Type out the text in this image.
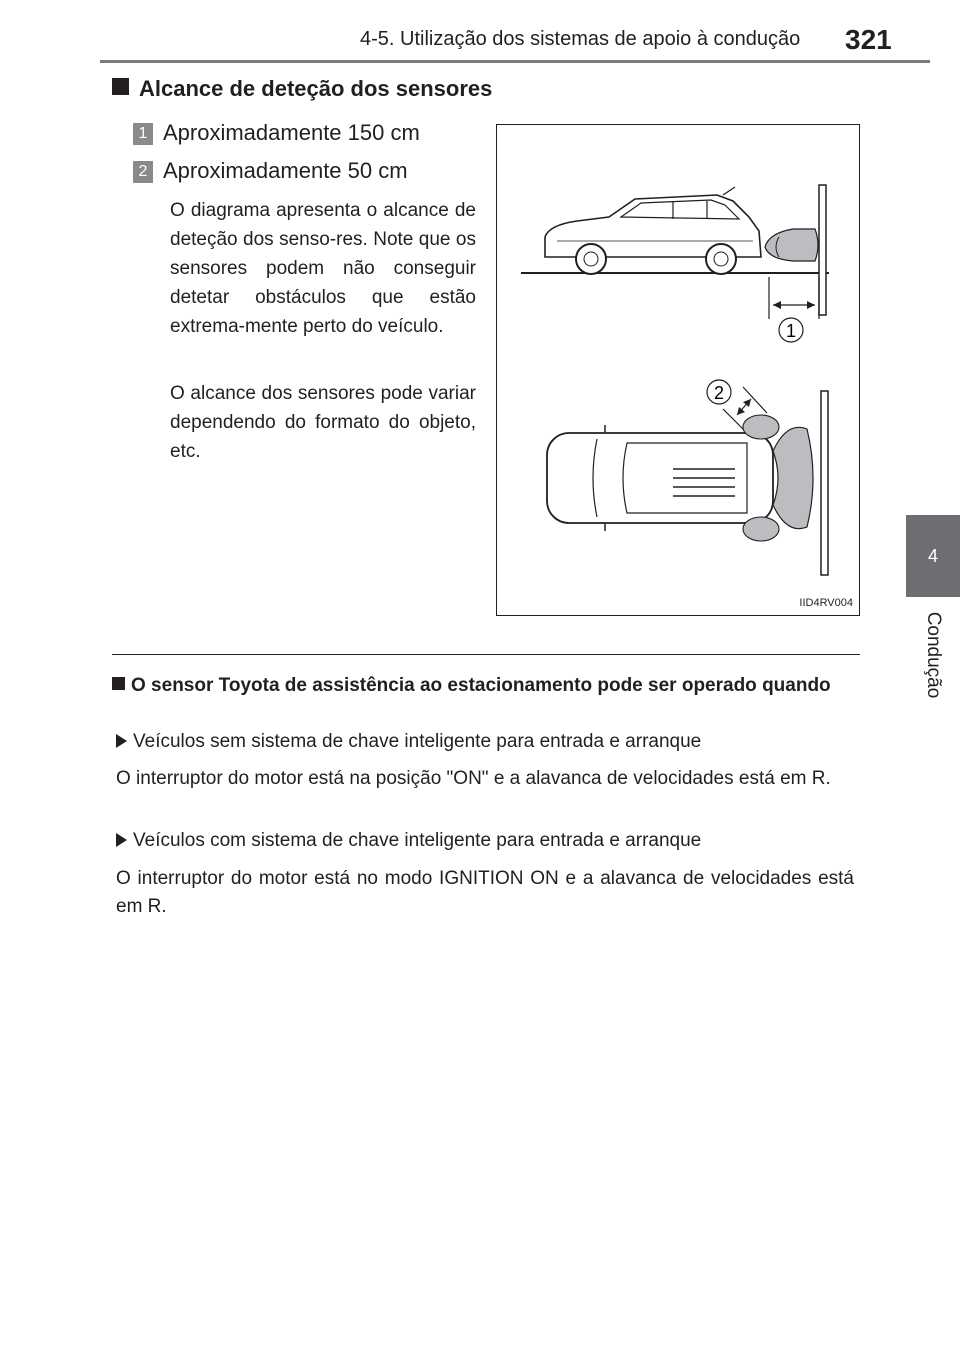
4-5. Utilização dos sistemas de apoio à condução 321
4
Condução
Alcance de deteção dos sensores
1 Aproximadamente 150 cm
2 Aproximadamente 50 cm
O diagrama apresenta o alcance de deteção dos senso-res. Note que os sensores podem não conseguir detetar obstáculos que estão extrema-mente perto do veículo.
O alcance dos sensores pode variar dependendo do formato do objeto, etc.
1
2
IID4RV004
O sensor Toyota de assistência ao estacionamento pode ser operado quando
Veículos sem sistema de chave inteligente para entrada e arranque
O interruptor do motor está na posição "ON" e a alavanca de velocidades está em R.
Veículos com sistema de chave inteligente para entrada e arranque
O interruptor do motor está no modo IGNITION ON e a alavanca de velocidades está em R.
